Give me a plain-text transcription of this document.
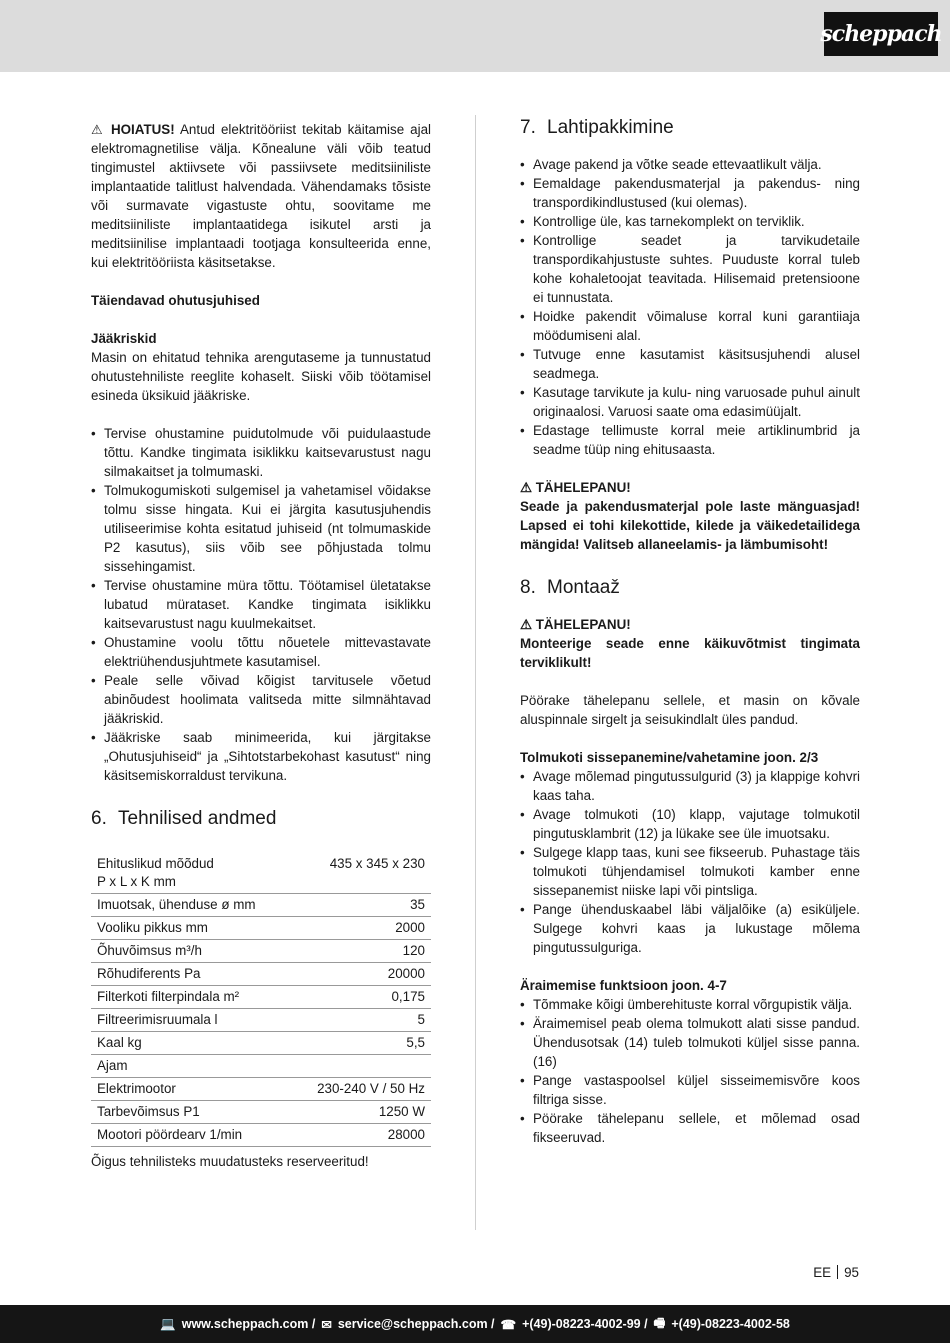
scheppach

⚠ HOIATUS! Antud elektritööriist tekitab käitamise ajal elektromagnetilise välja. Kõnealune väli võib teatud tingimustel aktiivsete või passiivsete meditsiiniliste implantaatide talitlust halvendada. Vähendamaks tõsiste või surmavate vigastuste ohtu, soovitame me meditsiiniliste implantaatidega isikutel arsti ja meditsiinilise implantaadi tootjaga konsulteerida enne, kui elektritööriista käsitsetakse.

Täiendavad ohutusjuhised

Jääkriskid

Masin on ehitatud tehnika arengutaseme ja tunnustatud ohutustehniliste reeglite kohaselt. Siiski võib töötamisel esineda üksikuid jääkriske.

• Tervise ohustamine puidutolmude või puidulaastude tõttu. Kandke tingimata isiklikku kaitsevarustust nagu silmakaitset ja tolmumaski.
• Tolmukogumiskoti sulgemisel ja vahetamisel võidakse tolmu sisse hingata. Kui ei järgita kasutusjuhendis utiliseerimise kohta esitatud juhiseid (nt tolmumaskide P2 kasutus), siis võib see põhjustada tolmu sissehingamist.
• Tervise ohustamine müra tõttu. Töötamisel ületatakse lubatud mürataset. Kandke tingimata isiklikku kaitsevarustust nagu kuulmekaitset.
• Ohustamine voolu tõttu nõuetele mittevastavate elektriühendusjuhtmete kasutamisel.
• Peale selle võivad kõigist tarvitusele võetud abinõudest hoolimata valitseda mitte silmnähtavad jääkriskid.
• Jääkriske saab minimeerida, kui järgitakse „Ohutusjuhiseid“ ja „Sihtotstarbekohast kasutust“ ning käsitsemiskorraldust tervikuna.
6. Tehnilised andmed
Ehituslikud mõõdud
P x L x K mm	435 x 345 x 230
Imuotsak, ühenduse ø mm	35
Vooliku pikkus mm	2000
Õhuvõimsus m³/h	120
Rõhudiferents Pa	20000
Filterkoti filterpindala m²	0,175
Filtreerimisruumala l	5
Kaal kg	5,5
Ajam	
Elektrimootor	230-240 V / 50 Hz
Tarbevõimsus P1	1250 W
Mootori pöördearv 1/min	28000

Õigus tehnilisteks muudatusteks reserveeritud!

7. Lahtipakkimine
• Avage pakend ja võtke seade ettevaatlikult välja.
• Eemaldage pakendusmaterjal ja pakendus- ning transpordikindlustused (kui olemas).
• Kontrollige üle, kas tarnekomplekt on terviklik.
• Kontrollige seadet ja tarvikudetaile transpordikahjustuste suhtes. Puuduste korral tuleb kohe kohaletoojat teavitada. Hilisemaid pretensioone ei tunnustata.
• Hoidke pakendit võimaluse korral kuni garantiiaja möödumiseni alal.
• Tutvuge enne kasutamist käsitsusjuhendi alusel seadmega.
• Kasutage tarvikute ja kulu- ning varuosade puhul ainult originaalosi. Varuosi saate oma edasimüüjalt.
• Edastage tellimuste korral meie artiklinumbrid ja seadme tüüp ning ehitusaasta.

⚠ TÄHELEPANU!

Seade ja pakendusmaterjal pole laste mänguasjad! Lapsed ei tohi kilekottide, kilede ja väikedetailidega mängida! Valitseb allaneelamis- ja lämbumisoht!

8. Montaaž

⚠ TÄHELEPANU!

Monteerige seade enne käikuvõtmist tingimata terviklikult!

Pöörake tähelepanu sellele, et masin on kõvale aluspinnale sirgelt ja seisukindlalt üles pandud.

Tolmukoti sissepanemine/vahetamine joon. 2/3

• Avage mõlemad pingutussulgurid (3) ja klappige kohvri kaas taha.
• Avage tolmukoti (10) klapp, vajutage tolmukotil pingutusklambrit (12) ja lükake see üle imuotsaku.
• Sulgege klapp taas, kuni see fikseerub. Puhastage täis tolmukoti tühjendamisel tolmukoti kamber enne sissepanemist niiske lapi või pintsliga.
• Pange ühenduskaabel läbi väljalõike (a) esiküljele. Sulgege kohvri kaas ja lukustage mõlema pingutussulguriga.

Äraimemise funktsioon joon. 4-7

• Tõmmake kõigi ümberehituste korral võrgupistik välja.
• Äraimemisel peab olema tolmukott alati sisse pandud. Ühendusotsak (14) tuleb tolmukoti küljel sisse panna. (16)
• Pange vastaspoolsel küljel sisseimemisvõre koos filtriga sisse.
• Pöörake tähelepanu sellele, et mõlemad osad fikseeruvad.
EE 95
💻 www.scheppach.com / ✉ service@scheppach.com / ☎ +(49)-08223-4002-99 / 🖷 +(49)-08223-4002-58
